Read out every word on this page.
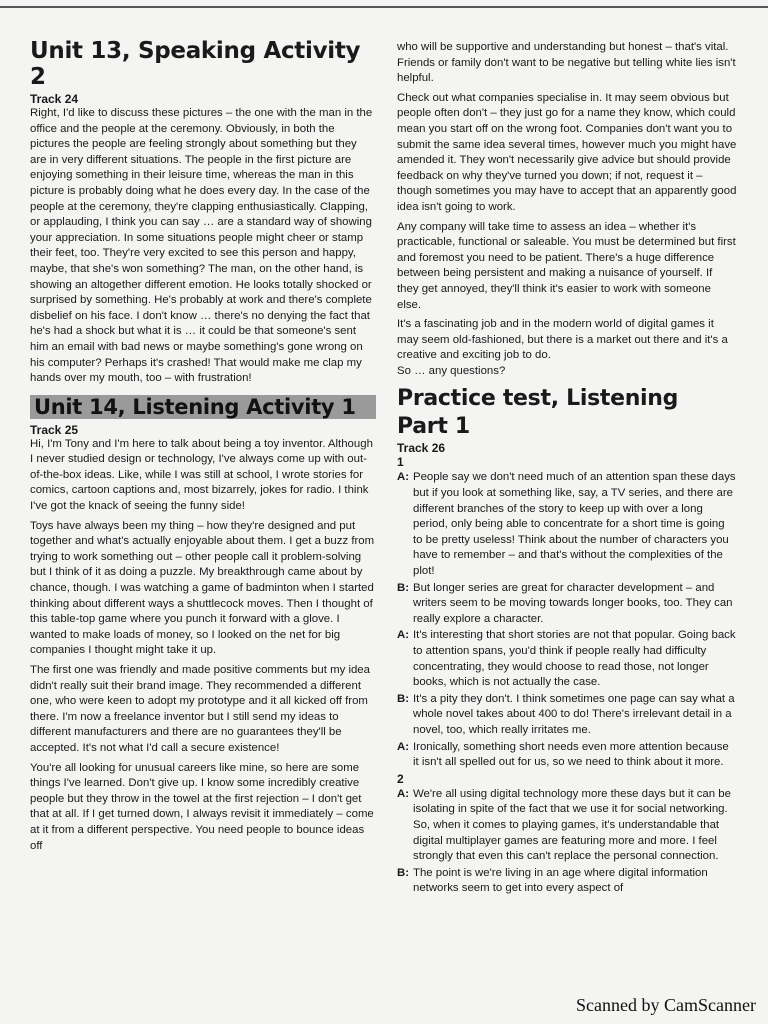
Unit 13, Speaking Activity 2
Track 24

Right, I'd like to discuss these pictures – the one with the man in the office and the people at the ceremony. Obviously, in both the pictures the people are feeling strongly about something but they are in very different situations. The people in the first picture are enjoying something in their leisure time, whereas the man in this picture is probably doing what he does every day. In the case of the people at the ceremony, they're clapping enthusiastically. Clapping, or applauding, I think you can say … are a standard way of showing your appreciation. In some situations people might cheer or stamp their feet, too. They're very excited to see this person and happy, maybe, that she's won something? The man, on the other hand, is showing an altogether different emotion. He looks totally shocked or surprised by something. He's probably at work and there's complete disbelief on his face. I don't know … there's no denying the fact that he's had a shock but what it is … it could be that someone's sent him an email with bad news or maybe something's gone wrong on his computer? Perhaps it's crashed! That would make me clap my hands over my mouth, too – with frustration!

Unit 14, Listening Activity 1
Track 25

Hi, I'm Tony and I'm here to talk about being a toy inventor. Although I never studied design or technology, I've always come up with out-of-the-box ideas. Like, while I was still at school, I wrote stories for comics, cartoon captions and, most bizarrely, jokes for radio. I think I've got the knack of seeing the funny side!

Toys have always been my thing – how they're designed and put together and what's actually enjoyable about them. I get a buzz from trying to work something out – other people call it problem-solving but I think of it as doing a puzzle. My breakthrough came about by chance, though. I was watching a game of badminton when I started thinking about different ways a shuttlecock moves. Then I thought of this table-top game where you punch it forward with a glove. I wanted to make loads of money, so I looked on the net for big companies I thought might take it up.

The first one was friendly and made positive comments but my idea didn't really suit their brand image. They recommended a different one, who were keen to adopt my prototype and it all kicked off from there. I'm now a freelance inventor but I still send my ideas to different manufacturers and there are no guarantees they'll be accepted. It's not what I'd call a secure existence!

You're all looking for unusual careers like mine, so here are some things I've learned. Don't give up. I know some incredibly creative people but they throw in the towel at the first rejection – I don't get that at all. If I get turned down, I always revisit it immediately – come at it from a different perspective. You need people to bounce ideas off

who will be supportive and understanding but honest – that's vital. Friends or family don't want to be negative but telling white lies isn't helpful.

Check out what companies specialise in. It may seem obvious but people often don't – they just go for a name they know, which could mean you start off on the wrong foot. Companies don't want you to submit the same idea several times, however much you might have amended it. They won't necessarily give advice but should provide feedback on why they've turned you down; if not, request it – though sometimes you may have to accept that an apparently good idea isn't going to work.

Any company will take time to assess an idea – whether it's practicable, functional or saleable. You must be determined but first and foremost you need to be patient. There's a huge difference between being persistent and making a nuisance of yourself. If they get annoyed, they'll think it's easier to work with someone else.

It's a fascinating job and in the modern world of digital games it may seem old-fashioned, but there is a market out there and it's a creative and exciting job to do.

So … any questions?

Practice test, Listening
Part 1
Track 26
1
A: People say we don't need much of an attention span these days but if you look at something like, say, a TV series, and there are different branches of the story to keep up with over a long period, only being able to concentrate for a short time is going to be pretty useless! Think about the number of characters you have to remember – and that's without the complexities of the plot!
B: But longer series are great for character development – and writers seem to be moving towards longer books, too. They can really explore a character.
A: It's interesting that short stories are not that popular. Going back to attention spans, you'd think if people really had difficulty concentrating, they would choose to read those, not longer books, which is not actually the case.
B: It's a pity they don't. I think sometimes one page can say what a whole novel takes about 400 to do! There's irrelevant detail in a novel, too, which really irritates me.
A: Ironically, something short needs even more attention because it isn't all spelled out for us, so we need to think about it more.
2
A: We're all using digital technology more these days but it can be isolating in spite of the fact that we use it for social networking. So, when it comes to playing games, it's understandable that digital multiplayer games are featuring more and more. I feel strongly that even this can't replace the personal connection.
B: The point is we're living in an age where digital information networks seem to get into every aspect of
Scanned by CamScanner
